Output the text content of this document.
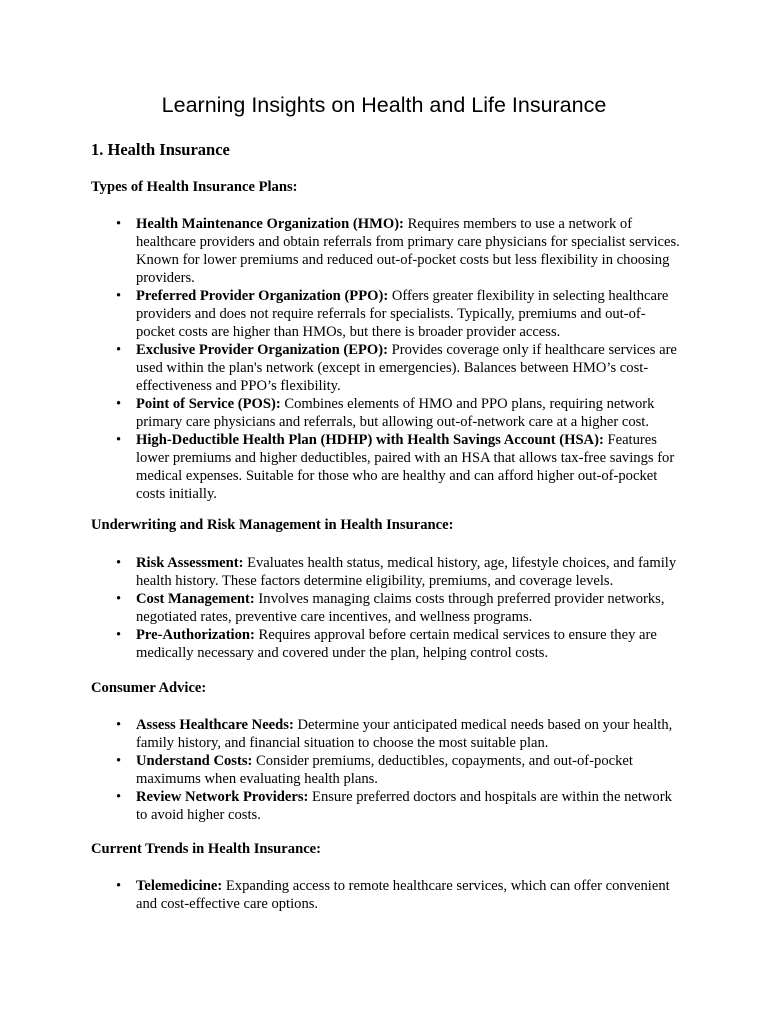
Learning Insights on Health and Life Insurance
1. Health Insurance
Types of Health Insurance Plans:
• Health Maintenance Organization (HMO): Requires members to use a network of healthcare providers and obtain referrals from primary care physicians for specialist services. Known for lower premiums and reduced out-of-pocket costs but less flexibility in choosing providers.
• Preferred Provider Organization (PPO): Offers greater flexibility in selecting healthcare providers and does not require referrals for specialists. Typically, premiums and out-of-pocket costs are higher than HMOs, but there is broader provider access.
• Exclusive Provider Organization (EPO): Provides coverage only if healthcare services are used within the plan's network (except in emergencies). Balances between HMO’s cost-effectiveness and PPO’s flexibility.
• Point of Service (POS): Combines elements of HMO and PPO plans, requiring network primary care physicians and referrals, but allowing out-of-network care at a higher cost.
• High-Deductible Health Plan (HDHP) with Health Savings Account (HSA): Features lower premiums and higher deductibles, paired with an HSA that allows tax-free savings for medical expenses. Suitable for those who are healthy and can afford higher out-of-pocket costs initially.
Underwriting and Risk Management in Health Insurance:
• Risk Assessment: Evaluates health status, medical history, age, lifestyle choices, and family health history. These factors determine eligibility, premiums, and coverage levels.
• Cost Management: Involves managing claims costs through preferred provider networks, negotiated rates, preventive care incentives, and wellness programs.
• Pre-Authorization: Requires approval before certain medical services to ensure they are medically necessary and covered under the plan, helping control costs.
Consumer Advice:
• Assess Healthcare Needs: Determine your anticipated medical needs based on your health, family history, and financial situation to choose the most suitable plan.
• Understand Costs: Consider premiums, deductibles, copayments, and out-of-pocket maximums when evaluating health plans.
• Review Network Providers: Ensure preferred doctors and hospitals are within the network to avoid higher costs.
Current Trends in Health Insurance:
• Telemedicine: Expanding access to remote healthcare services, which can offer convenient and cost-effective care options.
